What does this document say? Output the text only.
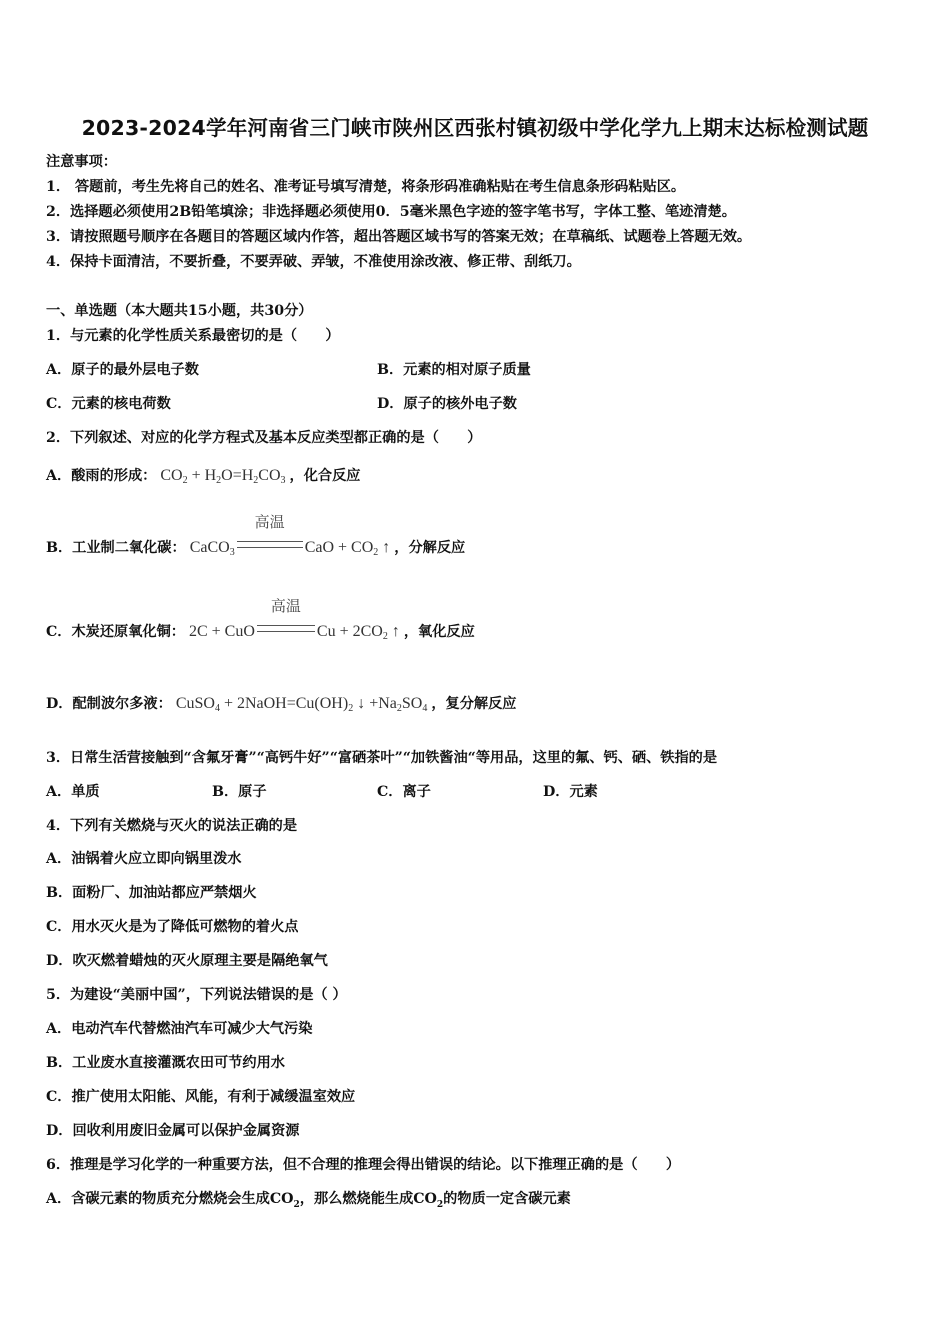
2023-2024学年河南省三门峡市陕州区西张村镇初级中学化学九上期末达标检测试题
注意事项：
1． 答题前，考生先将自己的姓名、准考证号填写清楚，将条形码准确粘贴在考生信息条形码粘贴区。
2．选择题必须使用2B铅笔填涂；非选择题必须使用0．5毫米黑色字迹的签字笔书写，字体工整、笔迹清楚。
3．请按照题号顺序在各题目的答题区域内作答，超出答题区域书写的答案无效；在草稿纸、试题卷上答题无效。
4．保持卡面清洁，不要折叠，不要弄破、弄皱，不准使用涂改液、修正带、刮纸刀。
一、单选题（本大题共15小题，共30分）
1．与元素的化学性质关系最密切的是（　　）
A．原子的最外层电子数	B．元素的相对原子质量
C．元素的核电荷数	D．原子的核外电子数
2．下列叙述、对应的化学方程式及基本反应类型都正确的是（　　）
A．酸雨的形成： $CO_2 + H_2O=H_2CO_3$ ，化合反应
B．工业制二氧化碳： CaCO$_3$
高温
CaO + $CO_2$ ↑ ，分解反应
C．木炭还原氧化铜： 2C + CuO
高温
$Cu + 2CO_2$ ↑ ，氧化反应
D．配制波尔多液： CuSO$_4$ + $2NaOH=Cu(OH)_2$ ↓ $+Na_2SO_4$ ，复分解反应
3．日常生活营接触到“含氟牙膏”“高钙牛好”“富硒茶叶”“加铁酱油“等用品，这里的氟、钙、硒、铁指的是
A．单质	B．原子	C．离子	D．元素
4．下列有关燃烧与灭火的说法正确的是
A．油锅着火应立即向锅里泼水
B．面粉厂、加油站都应严禁烟火
C．用水灭火是为了降低可燃物的着火点
D．吹灭燃着蜡烛的灭火原理主要是隔绝氧气
5．为建设“美丽中国”，下列说法错误的是（ ）
A．电动汽车代替燃油汽车可减少大气污染
B．工业废水直接灌溉农田可节约用水
C．推广使用太阳能、风能，有利于减缓温室效应
D．回收利用废旧金属可以保护金属资源
6．推理是学习化学的一种重要方法，但不合理的推理会得出错误的结论。以下推理正确的是（　　）
A．含碳元素的物质充分燃烧会生成$CO_2$，那么燃烧能生成$CO_2$的物质一定含碳元素
